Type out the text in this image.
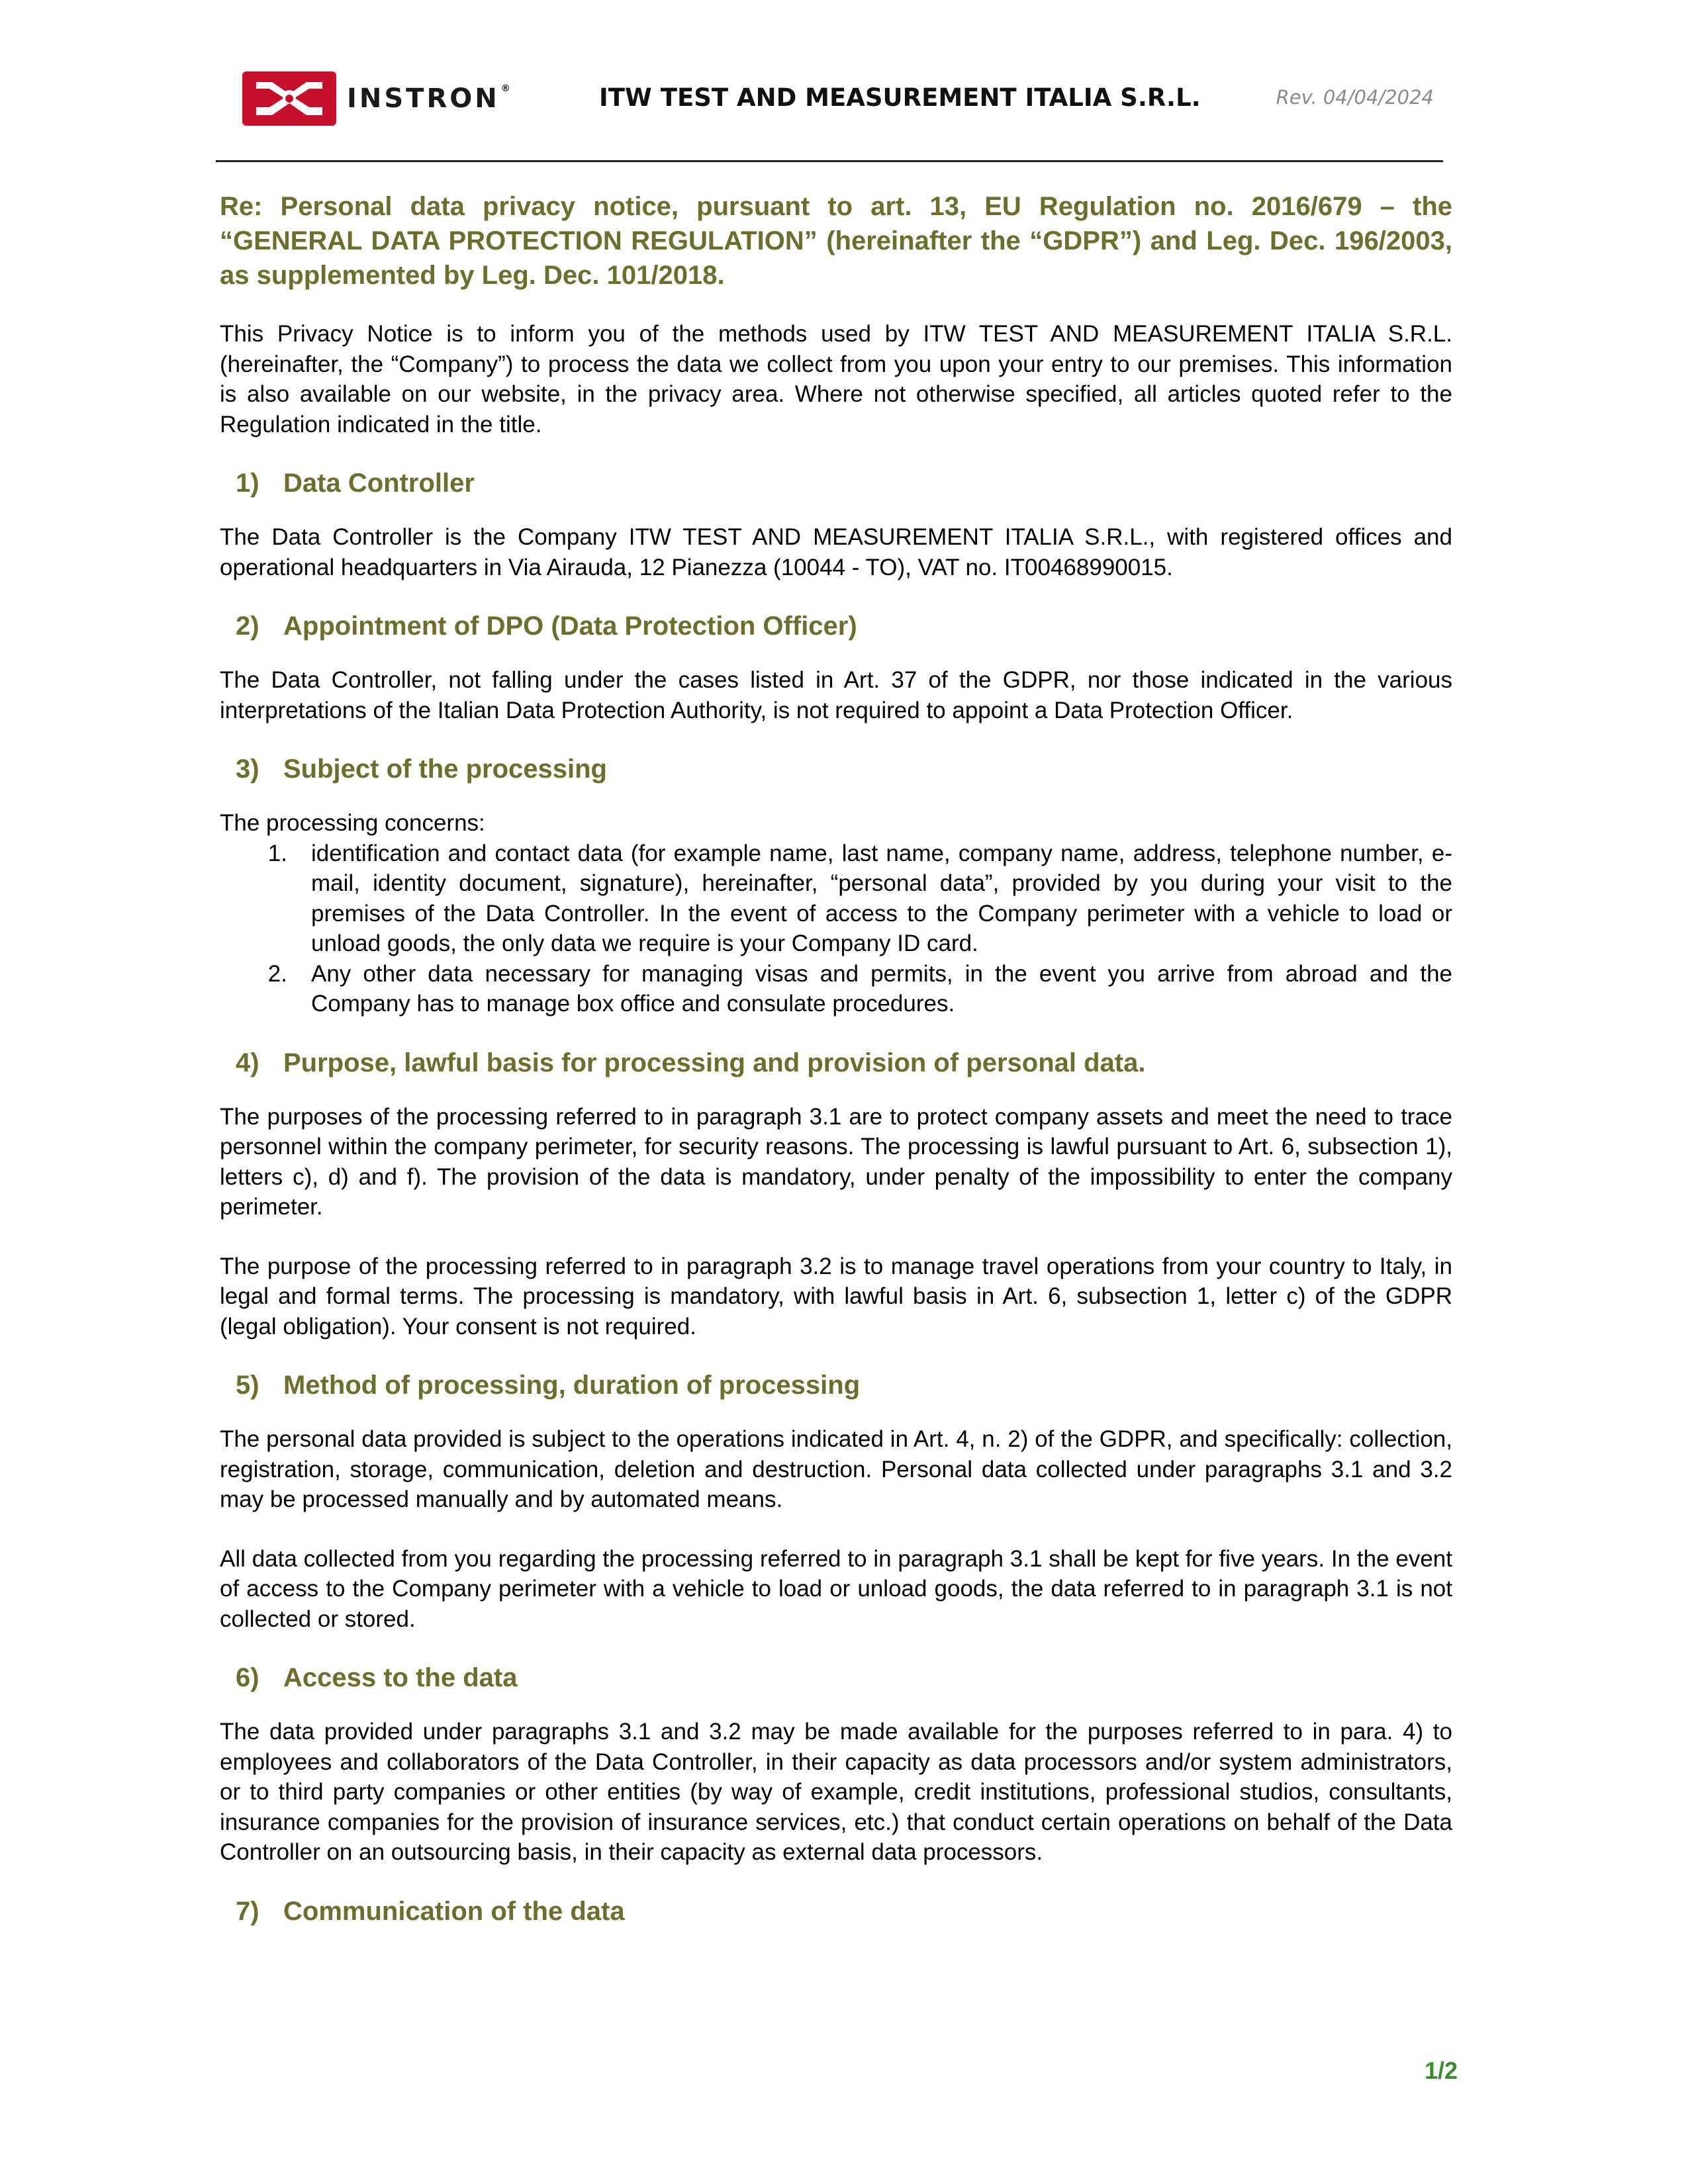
INSTRON ®	ITW TEST AND MEASUREMENT ITALIA S.R.L.	Rev. 04/04/2024
Re: Personal data privacy notice, pursuant to art. 13, EU Regulation no. 2016/679 – the “GENERAL DATA PROTECTION REGULATION” (hereinafter the “GDPR”) and Leg. Dec. 196/2003, as supplemented by Leg. Dec. 101/2018.

This Privacy Notice is to inform you of the methods used by ITW TEST AND MEASUREMENT ITALIA S.R.L. (hereinafter, the “Company”) to process the data we collect from you upon your entry to our premises. This information is also available on our website, in the privacy area. Where not otherwise specified, all articles quoted refer to the Regulation indicated in the title.

1) Data Controller

The Data Controller is the Company ITW TEST AND MEASUREMENT ITALIA S.R.L., with registered offices and operational headquarters in Via Airauda, 12 Pianezza (10044 - TO), VAT no. IT00468990015.

2) Appointment of DPO (Data Protection Officer)

The Data Controller, not falling under the cases listed in Art. 37 of the GDPR, nor those indicated in the various interpretations of the Italian Data Protection Authority, is not required to appoint a Data Protection Officer.

3) Subject of the processing

The processing concerns:

1.	identification and contact data (for example name, last name, company name, address, telephone number, e-mail, identity document, signature), hereinafter, “personal data”, provided by you during your visit to the premises of the Data Controller. In the event of access to the Company perimeter with a vehicle to load or unload goods, the only data we require is your Company ID card.
2.	Any other data necessary for managing visas and permits, in the event you arrive from abroad and the Company has to manage box office and consulate procedures.
4) Purpose, lawful basis for processing and provision of personal data.

The purposes of the processing referred to in paragraph 3.1 are to protect company assets and meet the need to trace personnel within the company perimeter, for security reasons. The processing is lawful pursuant to Art. 6, subsection 1), letters c), d) and f). The provision of the data is mandatory, under penalty of the impossibility to enter the company perimeter.

The purpose of the processing referred to in paragraph 3.2 is to manage travel operations from your country to Italy, in legal and formal terms. The processing is mandatory, with lawful basis in Art. 6, subsection 1, letter c) of the GDPR (legal obligation). Your consent is not required.

5) Method of processing, duration of processing

The personal data provided is subject to the operations indicated in Art. 4, n. 2) of the GDPR, and specifically: collection, registration, storage, communication, deletion and destruction. Personal data collected under paragraphs 3.1 and 3.2 may be processed manually and by automated means.

All data collected from you regarding the processing referred to in paragraph 3.1 shall be kept for five years. In the event of access to the Company perimeter with a vehicle to load or unload goods, the data referred to in paragraph 3.1 is not collected or stored.

6) Access to the data

The data provided under paragraphs 3.1 and 3.2 may be made available for the purposes referred to in para. 4) to employees and collaborators of the Data Controller, in their capacity as data processors and/or system administrators, or to third party companies or other entities (by way of example, credit institutions, professional studios, consultants, insurance companies for the provision of insurance services, etc.) that conduct certain operations on behalf of the Data Controller on an outsourcing basis, in their capacity as external data processors.

7) Communication of the data
1/2
